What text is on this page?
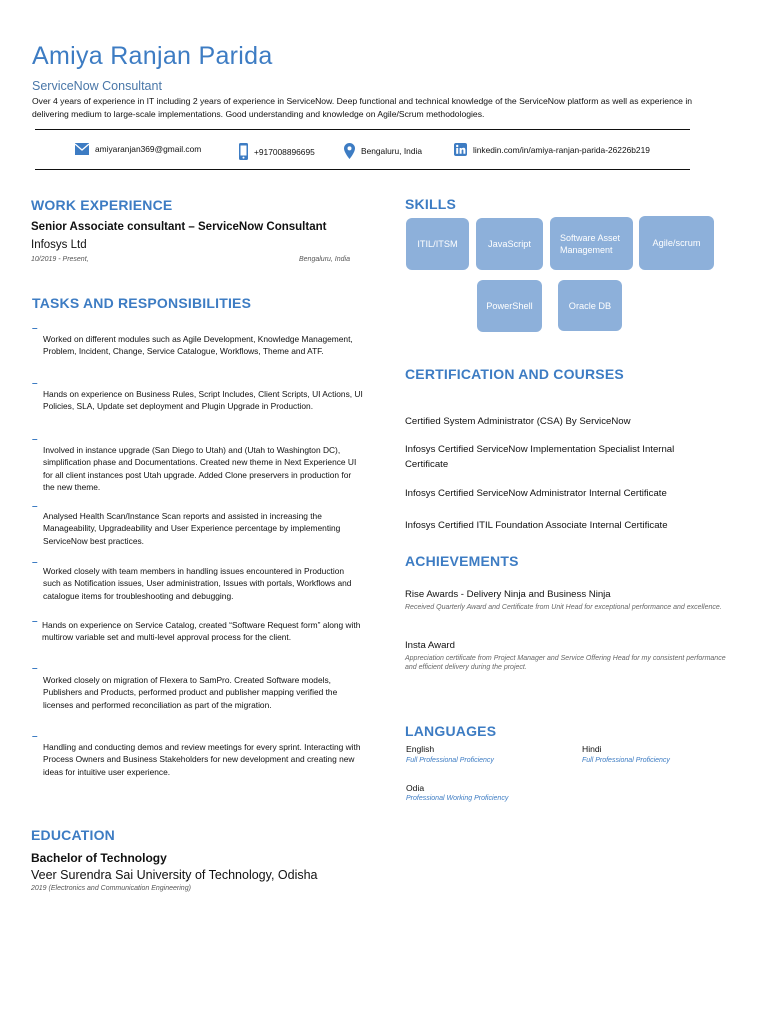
Amiya Ranjan Parida
ServiceNow Consultant
Over 4 years of experience in IT including 2 years of experience in ServiceNow. Deep functional and technical knowledge of the ServiceNow platform as well as experience in delivering medium to large-scale implementations. Good understanding and knowledge on Agile/Scrum methodologies.
amiyaranjan369@gmail.com	+917008896695	Bengaluru, India	linkedin.com/in/amiya-ranjan-parida-26226b219
WORK EXPERIENCE
Senior Associate consultant – ServiceNow Consultant
Infosys Ltd
10/2019 - Present,	Bengaluru, India
TASKS AND RESPONSIBILITIES
–
Worked on different modules such as Agile Development, Knowledge Management, Problem, Incident, Change, Service Catalogue, Workflows, Theme and ATF.
–
Hands on experience on Business Rules, Script Includes, Client Scripts, UI Actions, UI Policies, SLA, Update set deployment and Plugin Upgrade in Production.
–
Involved in instance upgrade (San Diego to Utah) and (Utah to Washington DC), simplification phase and Documentations. Created new theme in Next Experience UI for all client instances post Utah upgrade. Added Clone preservers in production for the new theme.
–
Analysed Health Scan/Instance Scan reports and assisted in increasing the Manageability, Upgradeability and User Experience percentage by implementing ServiceNow best practices.
–
Worked closely with team members in handling issues encountered in Production such as Notification issues, User administration, Issues with portals, Workflows and catalogue items for troubleshooting and debugging.
– Hands on experience on Service Catalog, created “Software Request form” along with multirow variable set and multi-level approval process for the client.
–
Worked closely on migration of Flexera to SamPro. Created Software models, Publishers and Products, performed product and publisher mapping verified the licenses and performed reconciliation as part of the migration.
–
Handling and conducting demos and review meetings for every sprint. Interacting with Process Owners and Business Stakeholders for new development and creating new ideas for intuitive user experience.
EDUCATION
Bachelor of Technology
Veer Surendra Sai University of Technology, Odisha
2019 (Electronics and Communication Engineering)
SKILLS
ITIL/ITSM	JavaScript
Software Asset Management
Agile/scrum
PowerShell	Oracle DB
CERTIFICATION AND COURSES
Certified System Administrator (CSA) By ServiceNow
Infosys Certified ServiceNow Implementation Specialist Internal Certificate
Infosys Certified ServiceNow Administrator Internal Certificate
Infosys Certified ITIL Foundation Associate Internal Certificate
ACHIEVEMENTS
Rise Awards - Delivery Ninja and Business Ninja
Received Quarterly Award and Certificate from Unit Head for exceptional performance and excellence.
Insta Award
Appreciation certificate from Project Manager and Service Offering Head for my consistent performance and efficient delivery during the project.
LANGUAGES
English
Full Professional Proficiency
Hindi
Full Professional Proficiency
Odia
Professional Working Proficiency
